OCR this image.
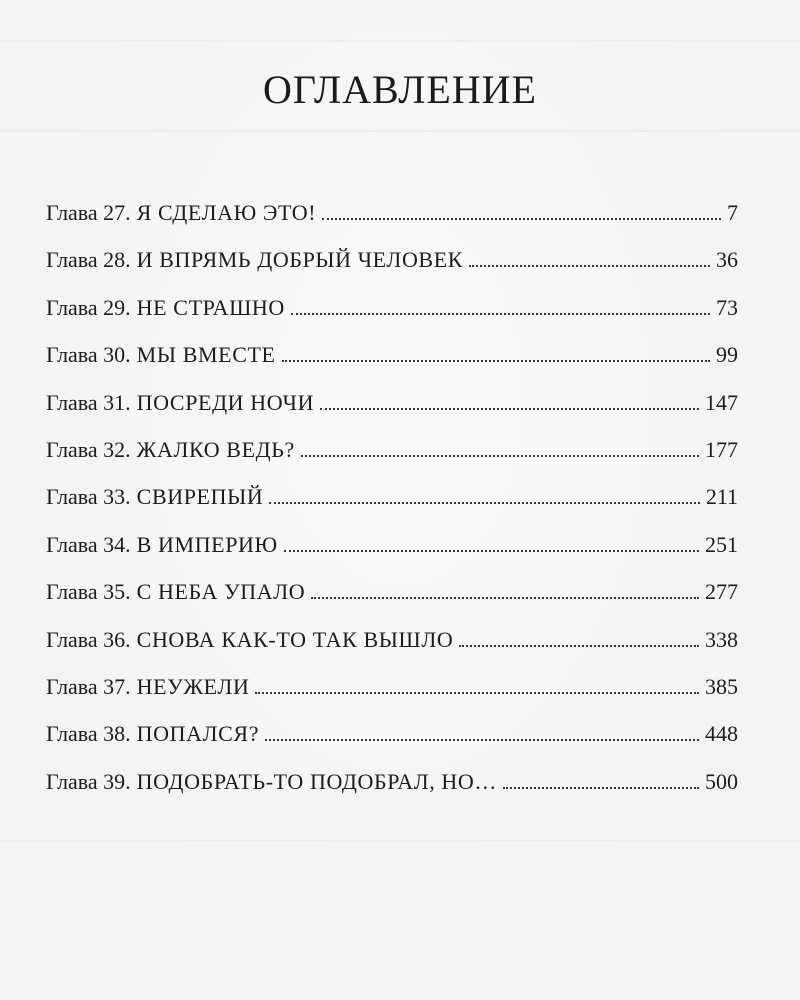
ОГЛАВЛЕНИЕ
Глава 27. Я СДЕЛАЮ ЭТО!	7
Глава 28. И ВПРЯМЬ ДОБРЫЙ ЧЕЛОВЕК	36
Глава 29. НЕ СТРАШНО	73
Глава 30. МЫ ВМЕСТЕ	99
Глава 31. ПОСРЕДИ НОЧИ	147
Глава 32. ЖАЛКО ВЕДЬ?	177
Глава 33. СВИРЕПЫЙ	211
Глава 34. В ИМПЕРИЮ	251
Глава 35. С НЕБА УПАЛО	277
Глава 36. СНОВА КАК-ТО ТАК ВЫШЛО	338
Глава 37. НЕУЖЕЛИ	385
Глава 38. ПОПАЛСЯ?	448
Глава 39. ПОДОБРАТЬ-ТО ПОДОБРАЛ, НО…	500
